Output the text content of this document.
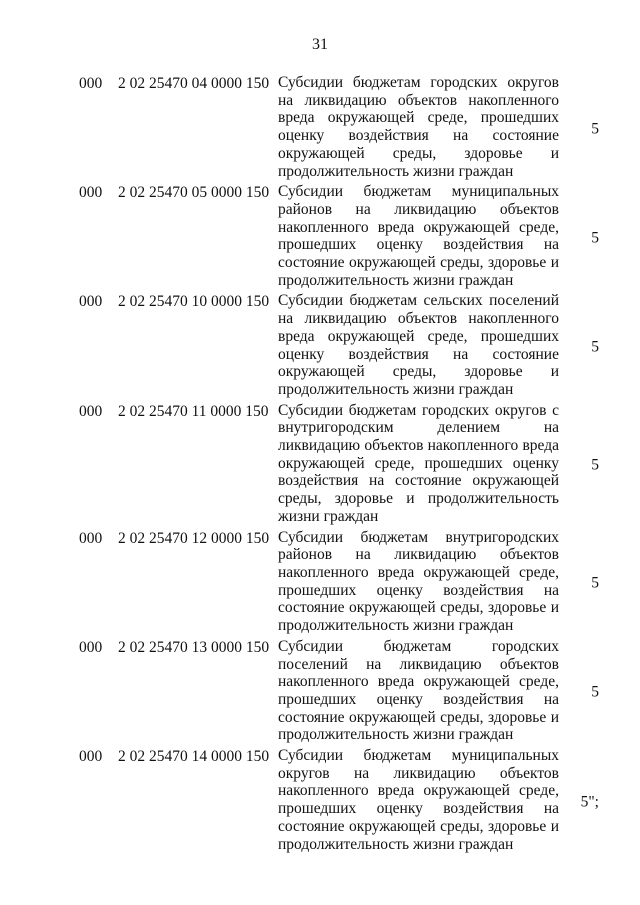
31
000 2 02 25470 04 0000 150 Субсидии бюджетам городских округов на ликвидацию объектов накопленного вреда окружающей среде, прошедших оценку воздействия на состояние окружающей среды, здоровье и продолжительность жизни граждан
5
000 2 02 25470 05 0000 150 Субсидии бюджетам муниципальных районов на ликвидацию объектов накопленного вреда окружающей среде, прошедших оценку воздействия на состояние окружающей среды, здоровье и продолжительность жизни граждан
5
000 2 02 25470 10 0000 150 Субсидии бюджетам сельских поселений на ликвидацию объектов накопленного вреда окружающей среде, прошедших оценку воздействия на состояние окружающей среды, здоровье и продолжительность жизни граждан
5
000 2 02 25470 11 0000 150 Субсидии бюджетам городских округов с внутригородским делением на ликвидацию объектов накопленного вреда окружающей среде, прошедших оценку воздействия на состояние окружающей среды, здоровье и продолжительность жизни граждан
5
000 2 02 25470 12 0000 150 Субсидии бюджетам внутригородских районов на ликвидацию объектов накопленного вреда окружающей среде, прошедших оценку воздействия на состояние окружающей среды, здоровье и продолжительность жизни граждан
5
000 2 02 25470 13 0000 150 Субсидии бюджетам городских поселений на ликвидацию объектов накопленного вреда окружающей среде, прошедших оценку воздействия на состояние окружающей среды, здоровье и продолжительность жизни граждан
5
000 2 02 25470 14 0000 150 Субсидии бюджетам муниципальных округов на ликвидацию объектов накопленного вреда окружающей среде, прошедших оценку воздействия на состояние окружающей среды, здоровье и продолжительность жизни граждан
5";
